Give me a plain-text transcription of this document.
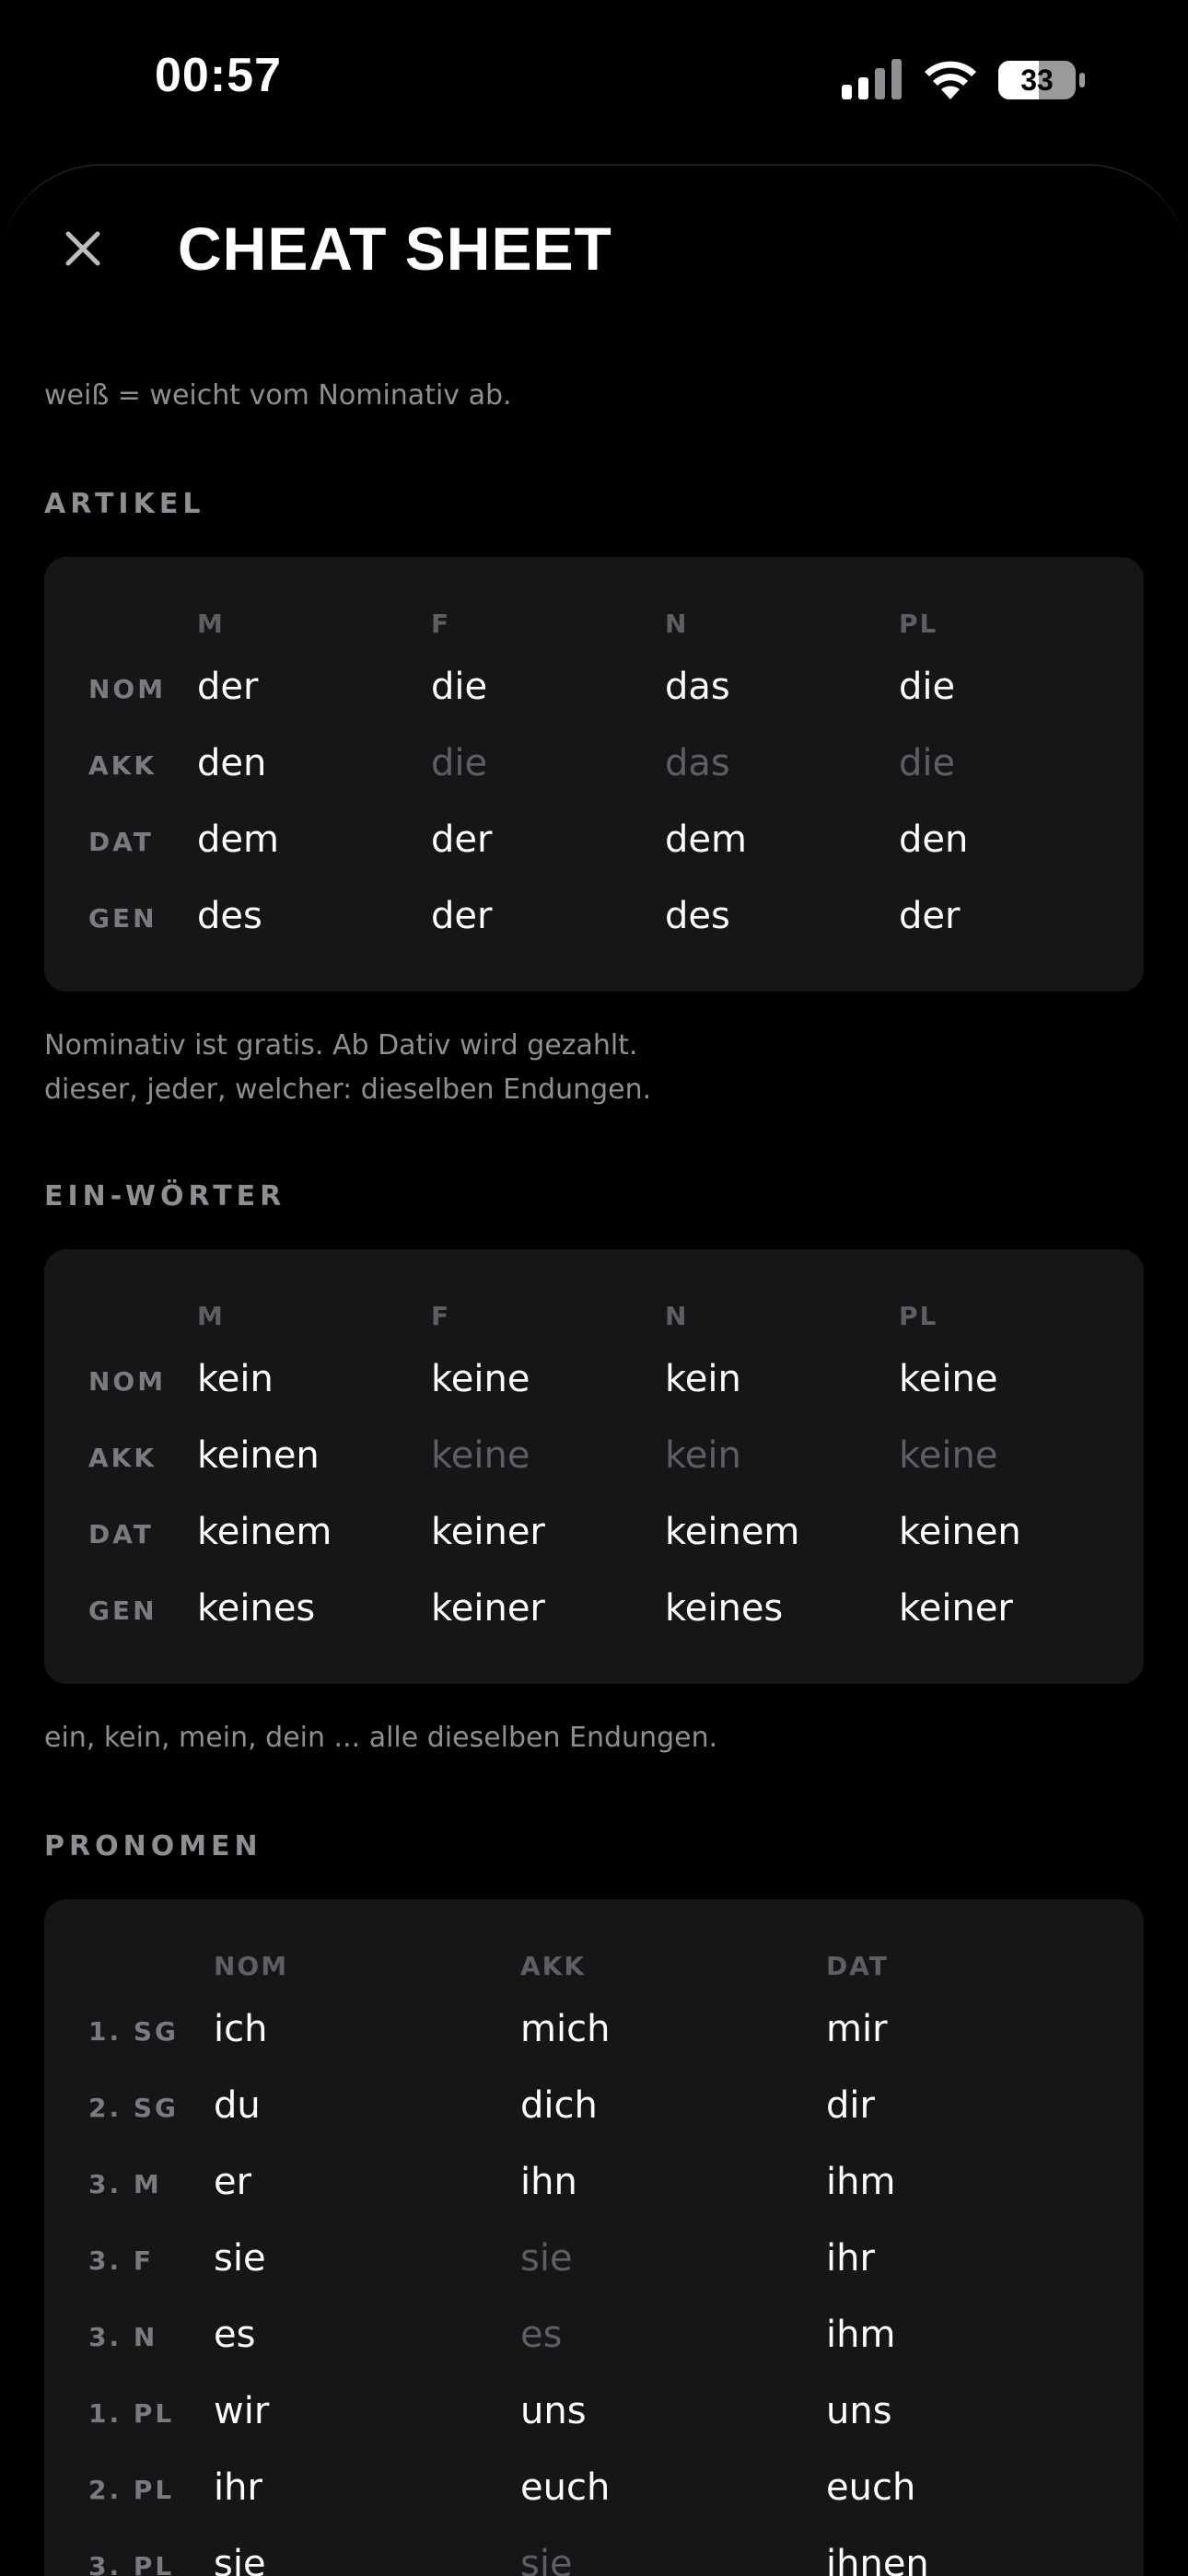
00:57	33
CHEAT SHEET

weiß = weicht vom Nominativ ab.

ARTIKEL
M	F	N	PL
NOM der	die	das	die
AKK den	die	das	die
DAT dem	der	dem	den
GEN des	der	des	der

Nominativ ist gratis. Ab Dativ wird gezahlt.

dieser, jeder, welcher: dieselben Endungen.

EIN-WÖRTER
M	F	N	PL
NOM kein	keine	kein	keine
AKK keinen	keine	kein	keine
DAT keinem	keiner	keinem	keinen
GEN keines	keiner	keines	keiner

ein, kein, mein, dein ... alle dieselben Endungen.

PRONOMEN
NOM	AKK	DAT
1. SG ich	mich	mir
2. SG du	dich	dir
3. M er	ihn	ihm
3. F sie	sie	ihr
3. N es	es	ihm
1. PL wir	uns	uns
2. PL ihr	euch	euch
3. PL sie	sie	ihnen
